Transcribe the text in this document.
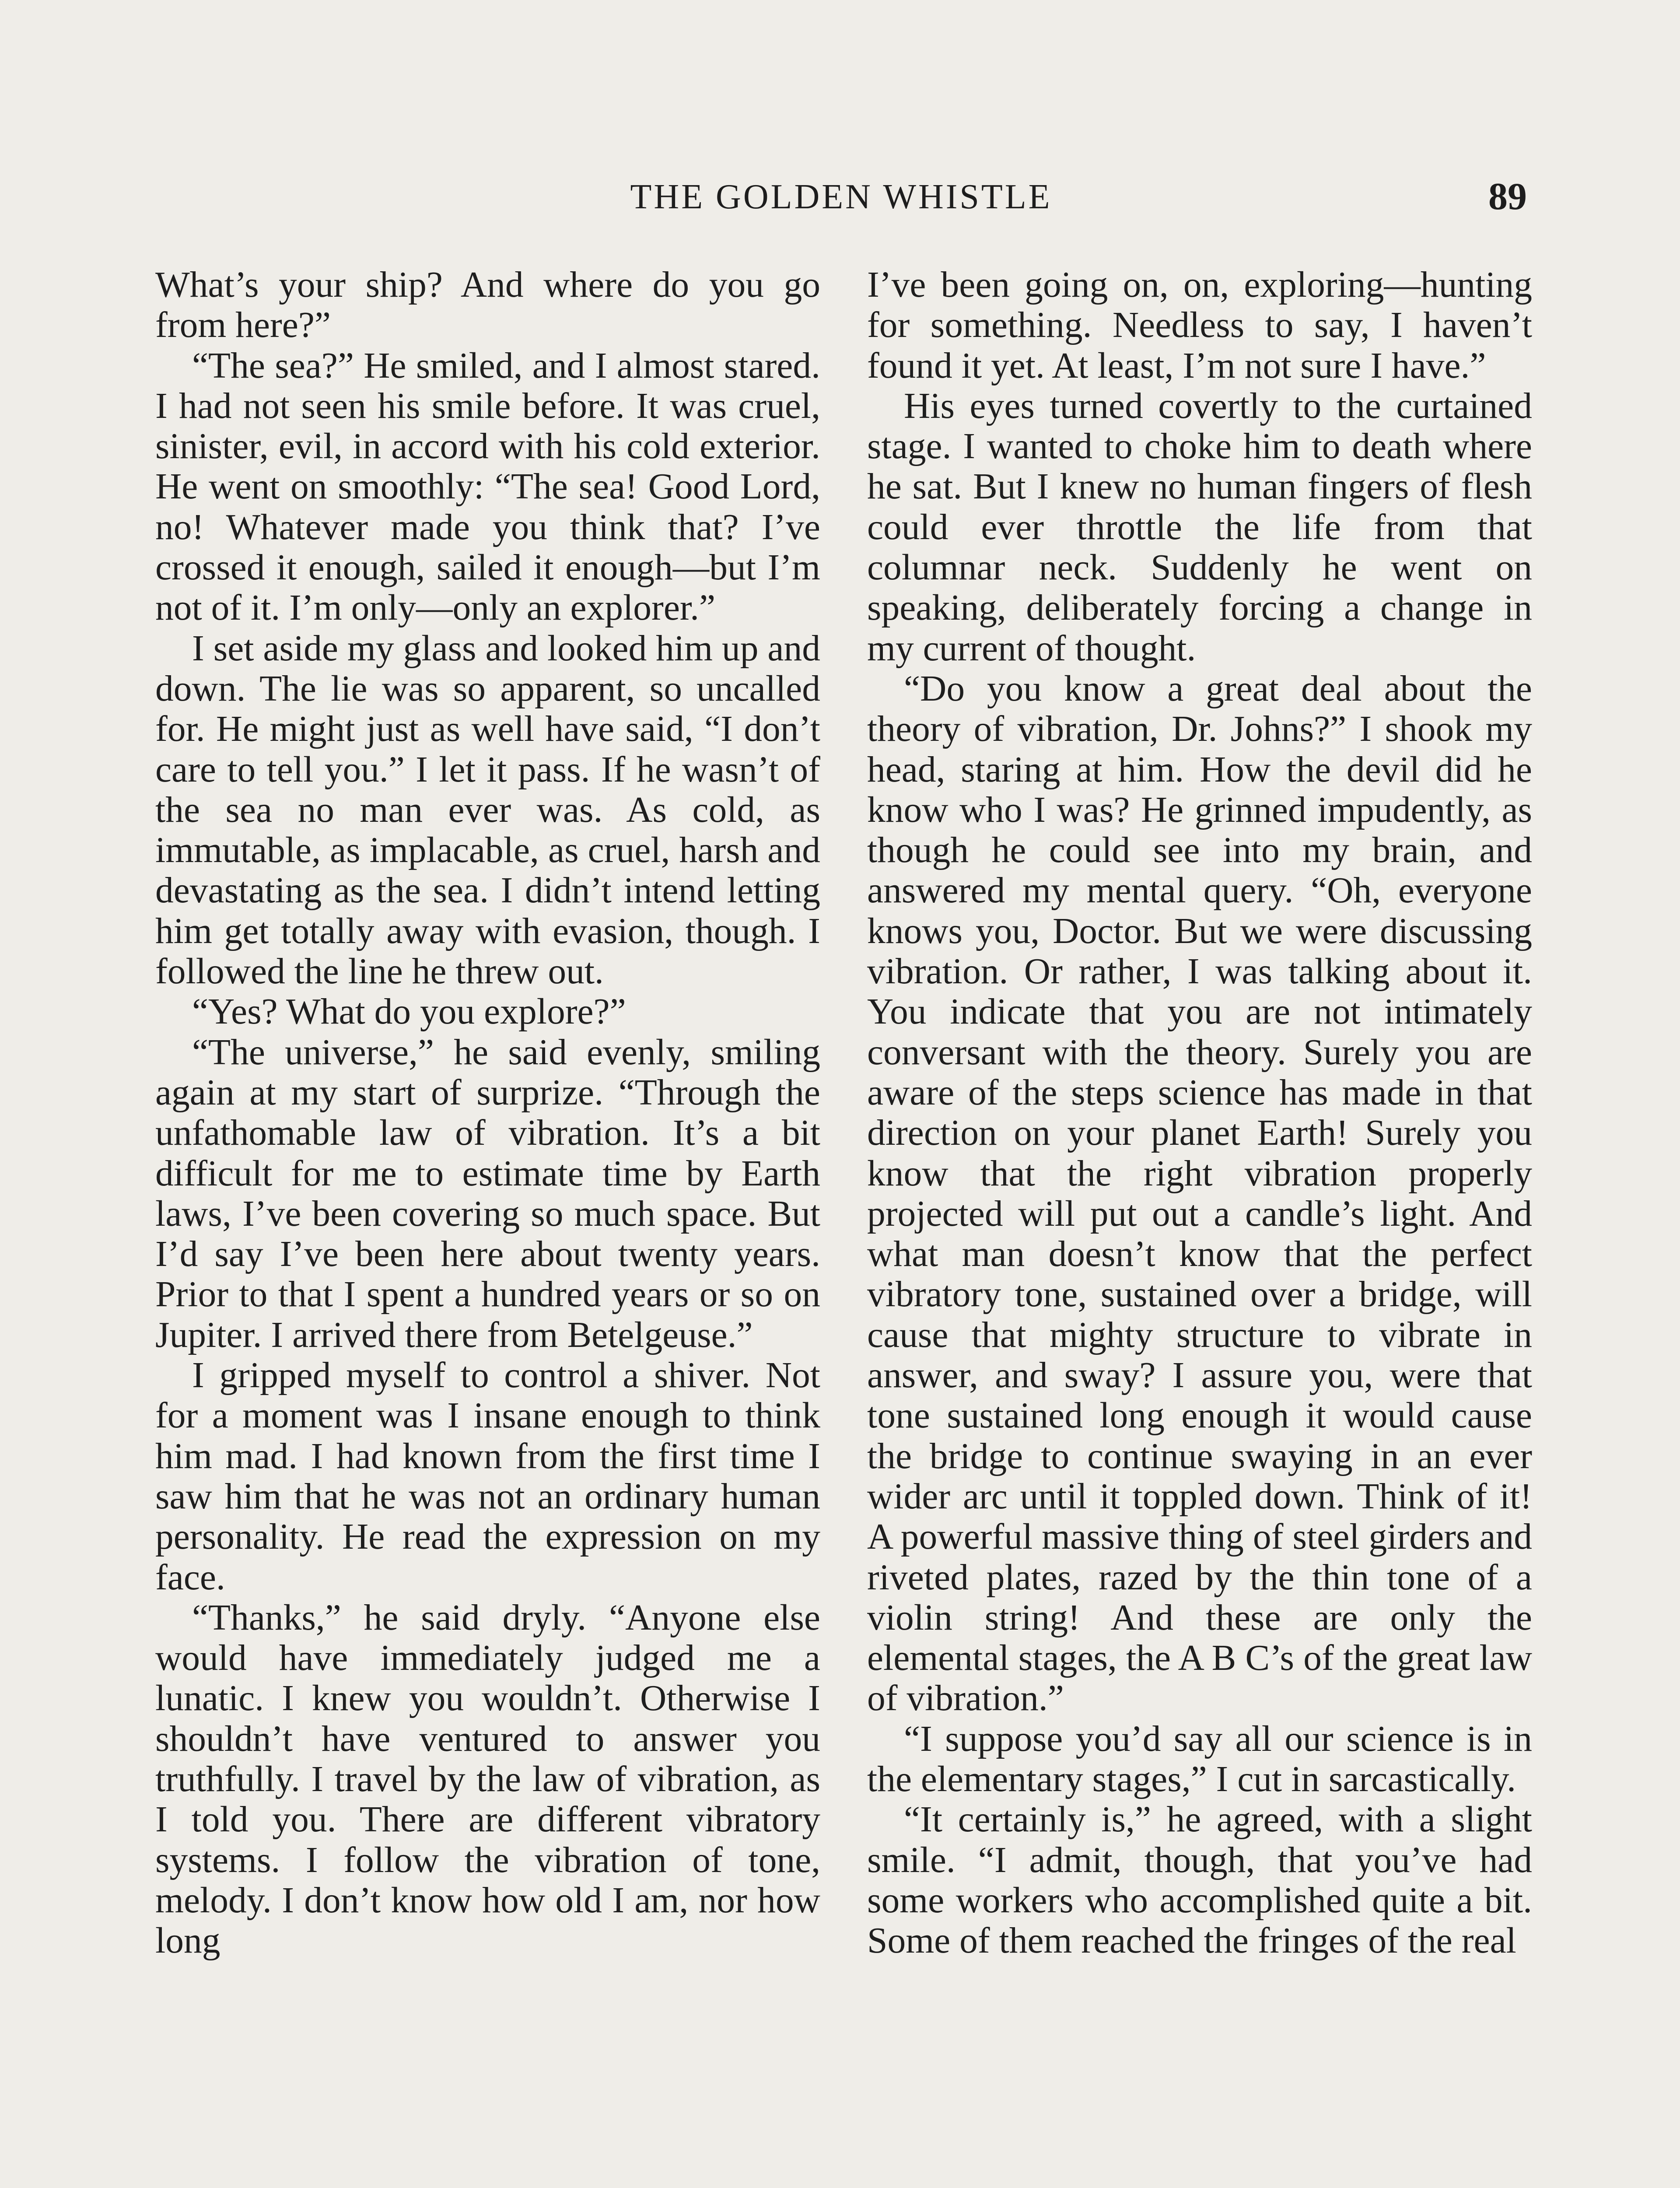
THE GOLDEN WHISTLE	89

What’s your ship? And where do you go from here?”

“The sea?” He smiled, and I almost stared. I had not seen his smile before. It was cruel, sinister, evil, in accord with his cold exterior. He went on smoothly: “The sea! Good Lord, no! Whatever made you think that? I’ve crossed it enough, sailed it enough—but I’m not of it. I’m only—only an explorer.”

I set aside my glass and looked him up and down. The lie was so apparent, so uncalled for. He might just as well have said, “I don’t care to tell you.” I let it pass. If he wasn’t of the sea no man ever was. As cold, as immutable, as implacable, as cruel, harsh and devastating as the sea. I didn’t intend letting him get totally away with evasion, though. I followed the line he threw out.

“Yes? What do you explore?”

“The universe,” he said evenly, smiling again at my start of surprize. “Through the unfathomable law of vibration. It’s a bit difficult for me to estimate time by Earth laws, I’ve been covering so much space. But I’d say I’ve been here about twenty years. Prior to that I spent a hundred years or so on Jupiter. I arrived there from Betelgeuse.”

I gripped myself to control a shiver. Not for a moment was I insane enough to think him mad. I had known from the first time I saw him that he was not an ordinary human personality. He read the expression on my face.

“Thanks,” he said dryly. “Anyone else would have immediately judged me a lunatic. I knew you wouldn’t. Otherwise I shouldn’t have ventured to answer you truthfully. I travel by the law of vibration, as I told you. There are different vibratory systems. I follow the vibration of tone, melody. I don’t know how old I am, nor how long

I’ve been going on, on, exploring—hunting for something. Needless to say, I haven’t found it yet. At least, I’m not sure I have.”

His eyes turned covertly to the curtained stage. I wanted to choke him to death where he sat. But I knew no human fingers of flesh could ever throttle the life from that columnar neck. Suddenly he went on speaking, deliberately forcing a change in my current of thought.

“Do you know a great deal about the theory of vibration, Dr. Johns?” I shook my head, staring at him. How the devil did he know who I was? He grinned impudently, as though he could see into my brain, and answered my mental query. “Oh, everyone knows you, Doctor. But we were discussing vibration. Or rather, I was talking about it. You indicate that you are not intimately conversant with the theory. Surely you are aware of the steps science has made in that direction on your planet Earth! Surely you know that the right vibration properly projected will put out a candle’s light. And what man doesn’t know that the perfect vibratory tone, sustained over a bridge, will cause that mighty structure to vibrate in answer, and sway? I assure you, were that tone sustained long enough it would cause the bridge to continue swaying in an ever wider arc until it toppled down. Think of it! A powerful massive thing of steel girders and riveted plates, razed by the thin tone of a violin string! And these are only the elemental stages, the A B C’s of the great law of vibration.”

“I suppose you’d say all our science is in the elementary stages,” I cut in sarcastically.

“It certainly is,” he agreed, with a slight smile. “I admit, though, that you’ve had some workers who accomplished quite a bit. Some of them reached the fringes of the real
